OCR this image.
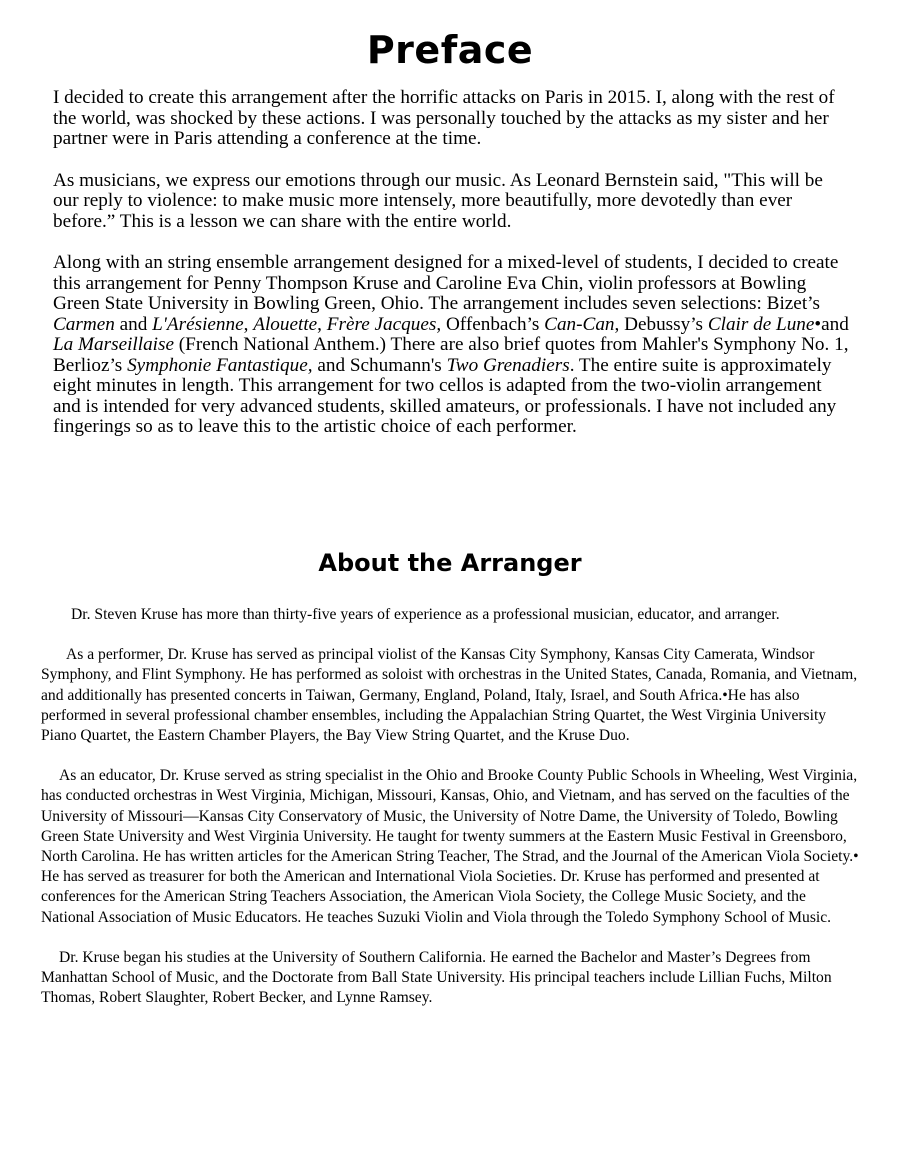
Preface

I decided to create this arrangement after the horrific attacks on Paris in 2015. I, along with the rest of the world, was shocked by these actions. I was personally touched by the attacks as my sister and her partner were in Paris attending a conference at the time.

As musicians, we express our emotions through our music. As Leonard Bernstein said, "This will be our reply to violence: to make music more intensely, more beautifully, more devotedly than ever before.” This is a lesson we can share with the entire world.

Along with an string ensemble arrangement designed for a mixed-level of students, I decided to create this arrangement for Penny Thompson Kruse and Caroline Eva Chin, violin professors at Bowling Green State University in Bowling Green, Ohio. The arrangement includes seven selections: Bizet’s Carmen and L'Arésienne, Alouette, Frère Jacques, Offenbach’s Can-Can, Debussy’s Clair de Lune•and La Marseillaise (French National Anthem.) There are also brief quotes from Mahler's Symphony No. 1, Berlioz’s Symphonie Fantastique, and Schumann's Two Grenadiers. The entire suite is approximately eight minutes in length. This arrangement for two cellos is adapted from the two-violin arrangement and is intended for very advanced students, skilled amateurs, or professionals. I have not included any fingerings so as to leave this to the artistic choice of each performer.

About the Arranger

Dr. Steven Kruse has more than thirty-five years of experience as a professional musician, educator, and arranger.

As a performer, Dr. Kruse has served as principal violist of the Kansas City Symphony, Kansas City Camerata, Windsor Symphony, and Flint Symphony. He has performed as soloist with orchestras in the United States, Canada, Romania, and Vietnam, and additionally has presented concerts in Taiwan, Germany, England, Poland, Italy, Israel, and South Africa.•He has also performed in several professional chamber ensembles, including the Appalachian String Quartet, the West Virginia University Piano Quartet, the Eastern Chamber Players, the Bay View String Quartet, and the Kruse Duo.

As an educator, Dr. Kruse served as string specialist in the Ohio and Brooke County Public Schools in Wheeling, West Virginia, has conducted orchestras in West Virginia, Michigan, Missouri, Kansas, Ohio, and Vietnam, and has served on the faculties of the University of Missouri—Kansas City Conservatory of Music, the University of Notre Dame, the University of Toledo, Bowling Green State University and West Virginia University. He taught for twenty summers at the Eastern Music Festival in Greensboro, North Carolina. He has written articles for the American String Teacher, The Strad, and the Journal of the American Viola Society.• He has served as treasurer for both the American and International Viola Societies. Dr. Kruse has performed and presented at conferences for the American String Teachers Association, the American Viola Society, the College Music Society, and the National Association of Music Educators. He teaches Suzuki Violin and Viola through the Toledo Symphony School of Music.

Dr. Kruse began his studies at the University of Southern California. He earned the Bachelor and Master’s Degrees from Manhattan School of Music, and the Doctorate from Ball State University. His principal teachers include Lillian Fuchs, Milton Thomas, Robert Slaughter, Robert Becker, and Lynne Ramsey.
